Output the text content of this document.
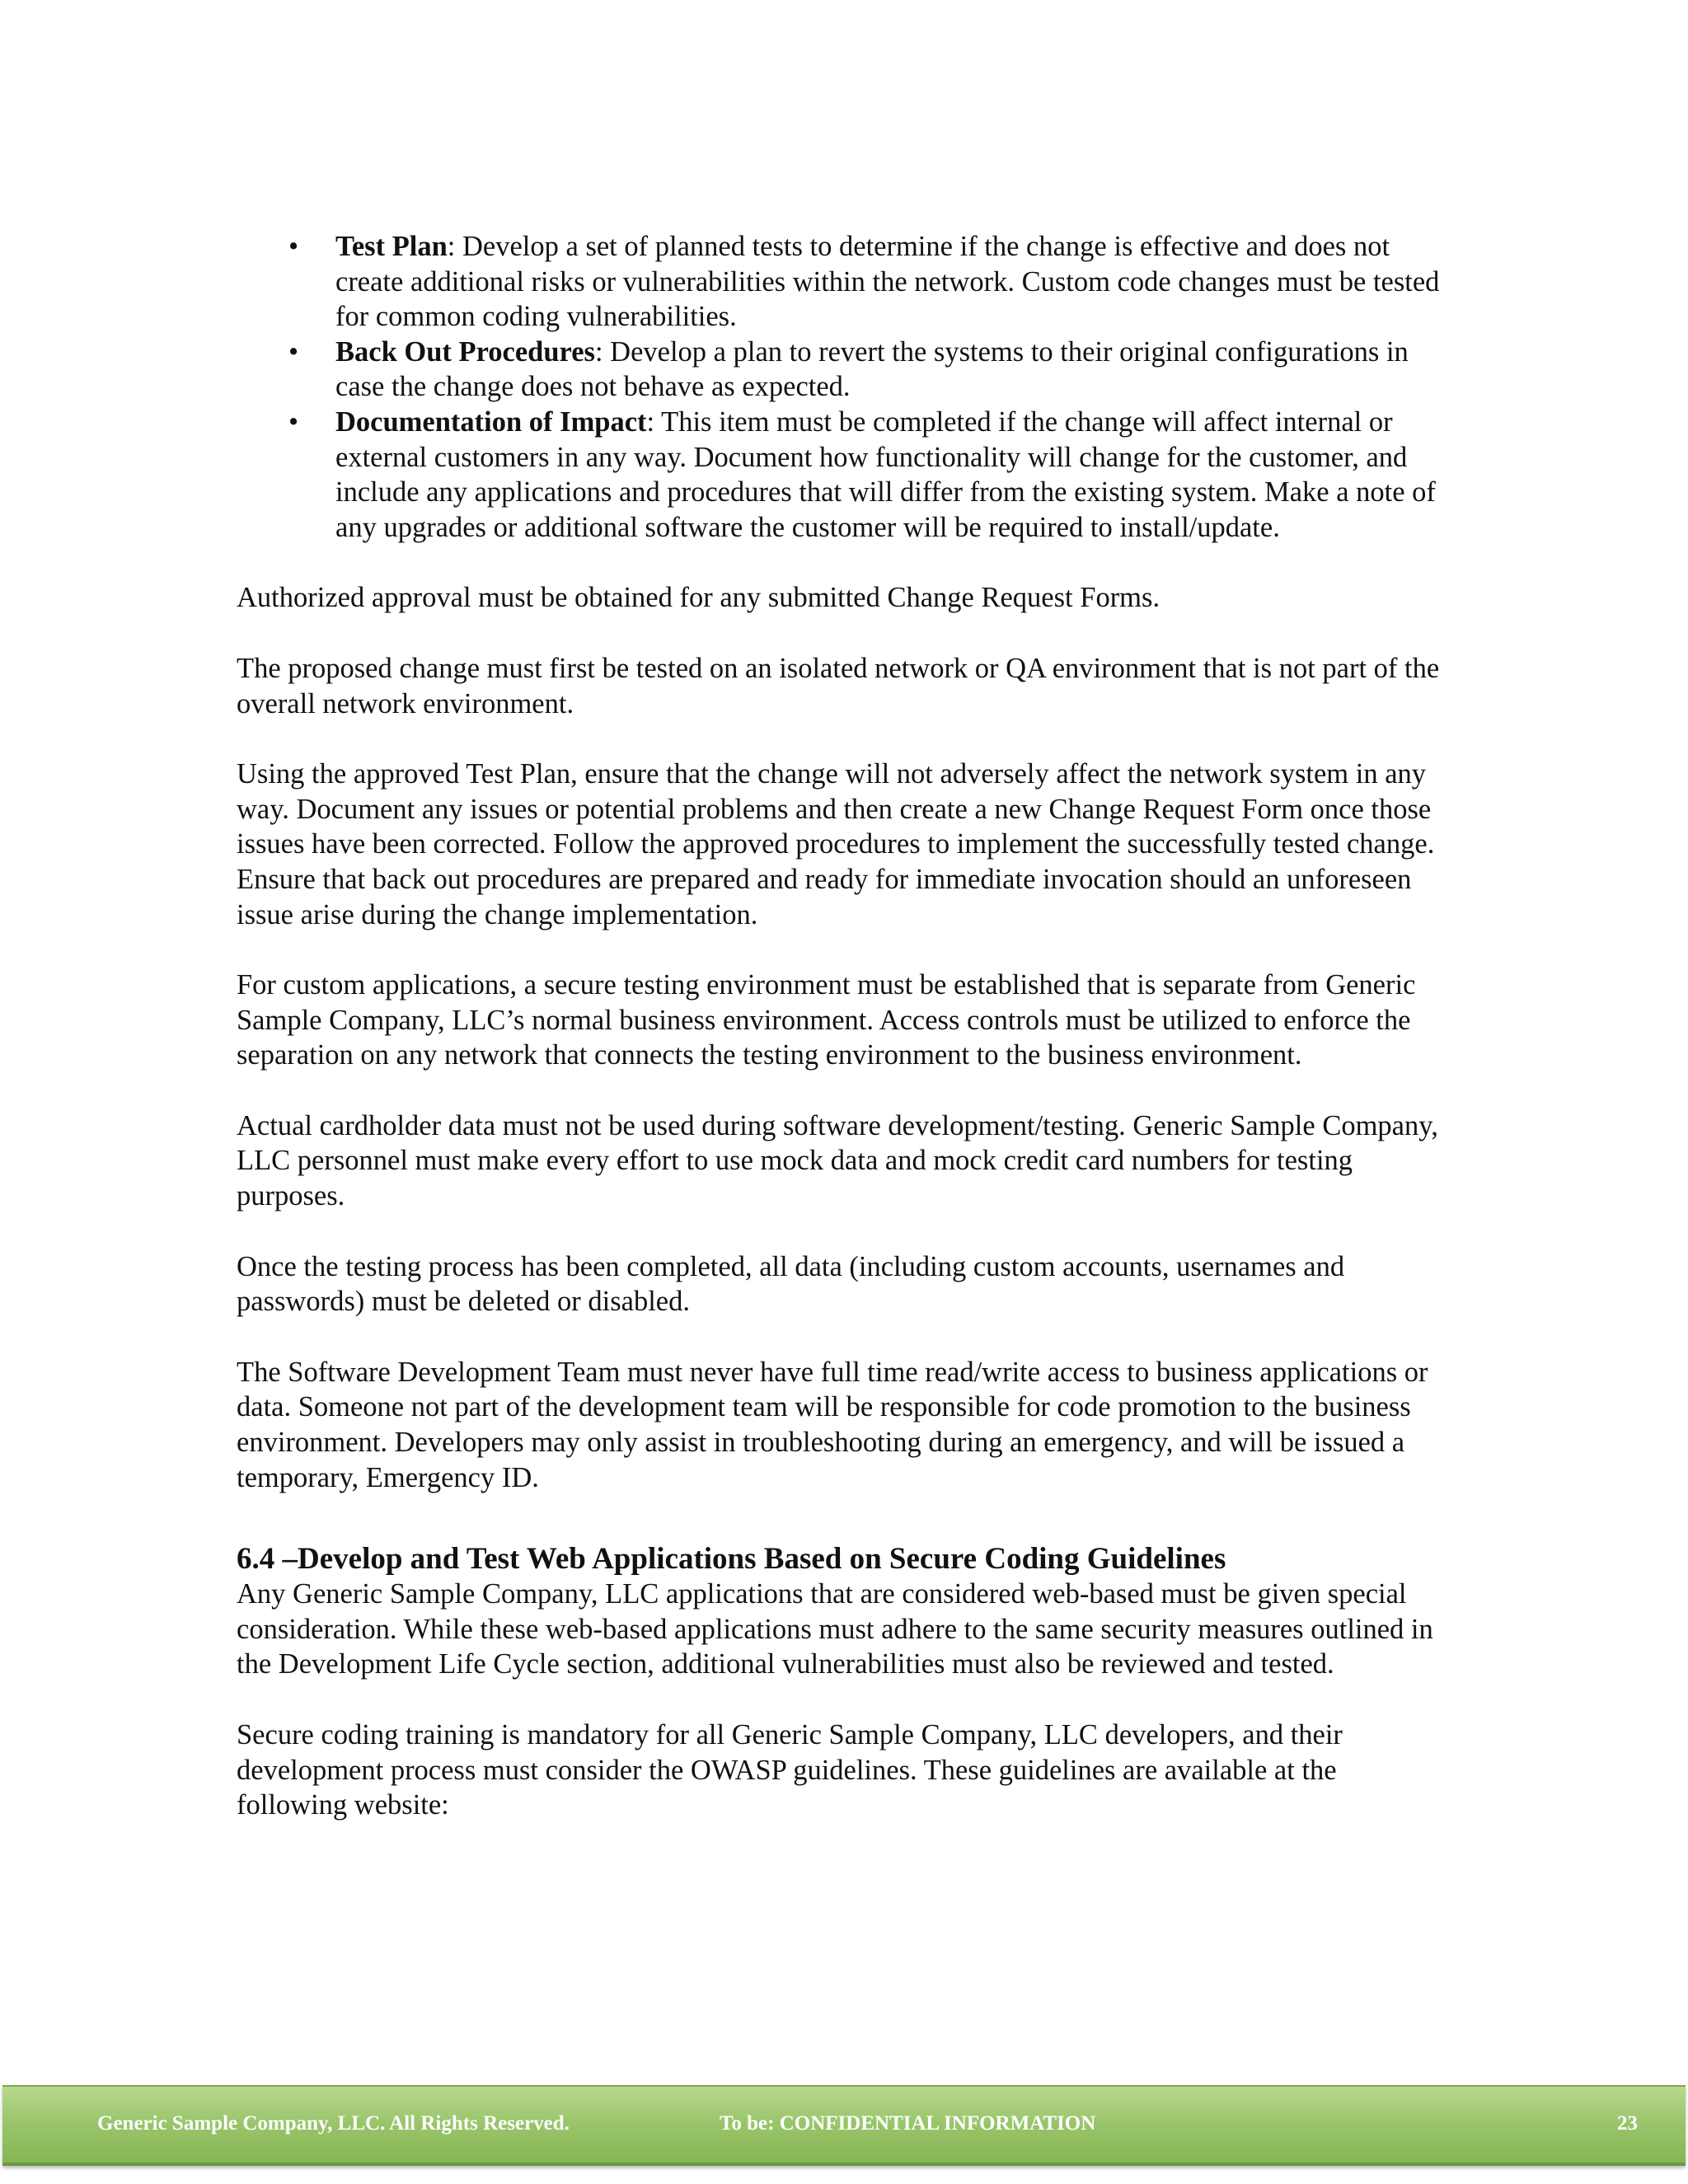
• Test Plan: Develop a set of planned tests to determine if the change is effective and does not create additional risks or vulnerabilities within the network. Custom code changes must be tested for common coding vulnerabilities.
• Back Out Procedures: Develop a plan to revert the systems to their original configurations in case the change does not behave as expected.
• Documentation of Impact: This item must be completed if the change will affect internal or external customers in any way. Document how functionality will change for the customer, and include any applications and procedures that will differ from the existing system. Make a note of any upgrades or additional software the customer will be required to install/update.

Authorized approval must be obtained for any submitted Change Request Forms.

The proposed change must first be tested on an isolated network or QA environment that is not part of the overall network environment.

Using the approved Test Plan, ensure that the change will not adversely affect the network system in any way. Document any issues or potential problems and then create a new Change Request Form once those issues have been corrected. Follow the approved procedures to implement the successfully tested change. Ensure that back out procedures are prepared and ready for immediate invocation should an unforeseen issue arise during the change implementation.

For custom applications, a secure testing environment must be established that is separate from Generic Sample Company, LLC’s normal business environment. Access controls must be utilized to enforce the separation on any network that connects the testing environment to the business environment.

Actual cardholder data must not be used during software development/testing. Generic Sample Company, LLC personnel must make every effort to use mock data and mock credit card numbers for testing purposes.

Once the testing process has been completed, all data (including custom accounts, usernames and passwords) must be deleted or disabled.

The Software Development Team must never have full time read/write access to business applications or data. Someone not part of the development team will be responsible for code promotion to the business environment. Developers may only assist in troubleshooting during an emergency, and will be issued a temporary, Emergency ID.

6.4 –Develop and Test Web Applications Based on Secure Coding Guidelines

Any Generic Sample Company, LLC applications that are considered web-based must be given special consideration. While these web-based applications must adhere to the same security measures outlined in the Development Life Cycle section, additional vulnerabilities must also be reviewed and tested.

Secure coding training is mandatory for all Generic Sample Company, LLC developers, and their development process must consider the OWASP guidelines. These guidelines are available at the following website:

Generic Sample Company, LLC. All Rights Reserved.	To be: CONFIDENTIAL INFORMATION	23
